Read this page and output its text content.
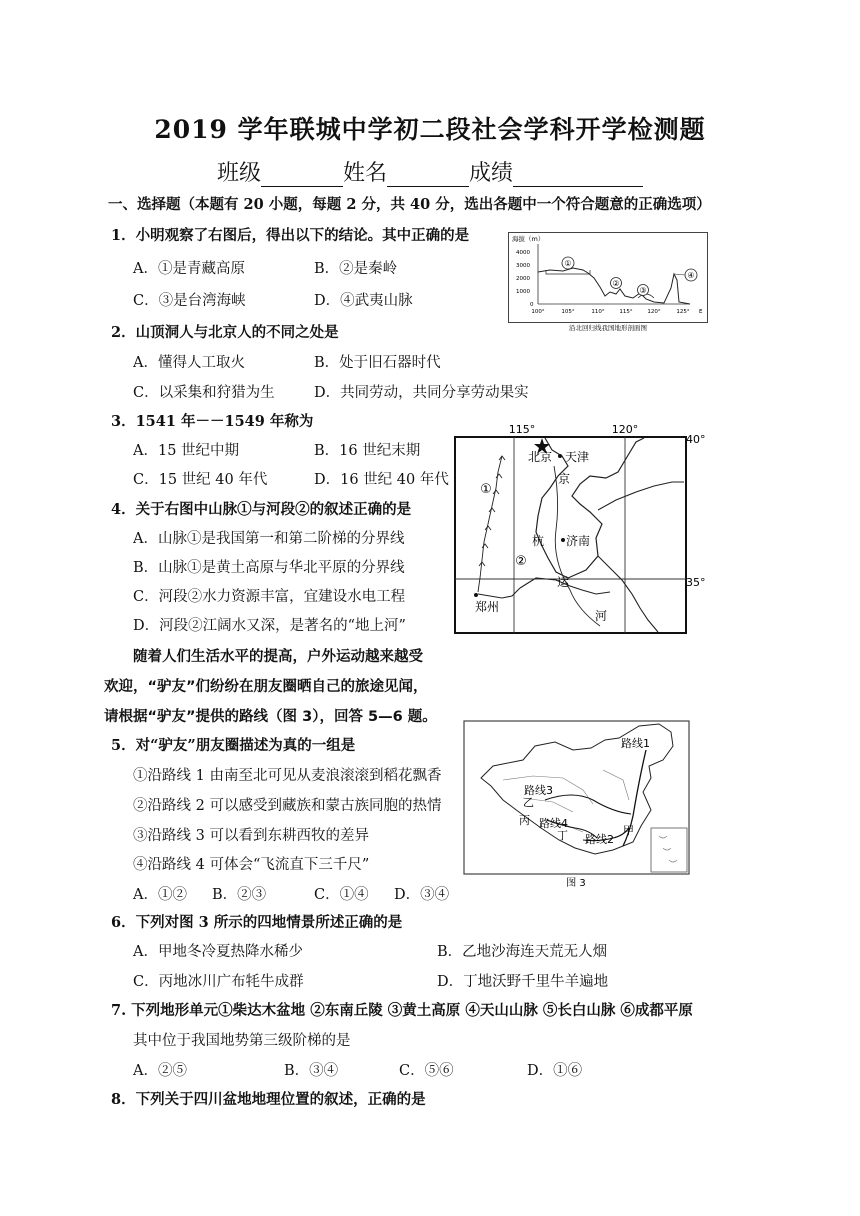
2019 学年联城中学初二段社会学科开学检测题
班级	姓名	成绩
一、选择题（本题有 20 小题，每题 2 分，共 40 分，选出各题中一个符合题意的正确选项）
1．小明观察了右图后，得出以下的结论。其中正确的是
A．①是青藏高原	B．②是秦岭
C．③是台湾海峡	D．④武夷山脉
2．山顶洞人与北京人的不同之处是
A．懂得人工取火	B．处于旧石器时代
C．以采集和狩猎为生	D．共同劳动，共同分享劳动果实
3．1541 年－－1549 年称为
A．15 世纪中期	B．16 世纪末期
C．15 世纪 40 年代	D．16 世纪 40 年代
4．关于右图中山脉①与河段②的叙述正确的是
A．山脉①是我国第一和第二阶梯的分界线
B．山脉①是黄土高原与华北平原的分界线
C．河段②水力资源丰富，宜建设水电工程
D．河段②江阔水又深，是著名的“地上河”
随着人们生活水平的提高，户外运动越来越受
欢迎，“驴友”们纷纷在朋友圈晒自己的旅途见闻，
请根据“驴友”提供的路线（图 3），回答 5—6 题。
5．对“驴友”朋友圈描述为真的一组是
①沿路线 1 由南至北可见从麦浪滚滚到稻花飘香
②沿路线 2 可以感受到藏族和蒙古族同胞的热情
③沿路线 3 可以看到东耕西牧的差异
④沿路线 4 可体会“飞流直下三千尺”
A．①② B．②③	C．①④ D．③④
6．下列对图 3 所示的四地情景所述正确的是
A．甲地冬冷夏热降水稀少	B．乙地沙海连天荒无人烟
C．丙地冰川广布牦牛成群	D．丁地沃野千里牛羊遍地
7. 下列地形单元①柴达木盆地 ②东南丘陵 ③黄土高原 ④天山山脉 ⑤长白山脉 ⑥成都平原
其中位于我国地势第三级阶梯的是
A．②⑤	B．③④	C．⑤⑥	D．①⑥
8．下列关于四川盆地地理位置的叙述，正确的是
海拔（m）
4000
3000
2000
1000
0
①
②
③
④
100°	105°	110°	115°	120°	125° E
沿北回归线我国地形剖面图
115°	120°
40°
35°
北京 天津
京
杭 济南
运
河
郑州
①
②
路线1
路线2
路线3
路线4
甲
乙
丙
丁
图 3
